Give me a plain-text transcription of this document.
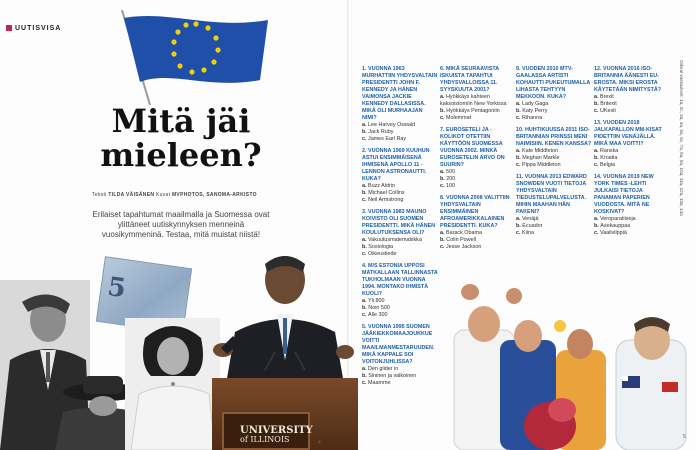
UUTISVISA
Mitä jäi
mieleen?
Teksti TILDA VÄISÄNEN Kuvat MVPHOTOS, SANOMA-ARKISTO
Erilaiset tapahtumat maailmalla ja Suomessa ovat ylittäneet uutiskynnyksen menneinä vuosikymmeninä. Testaa, mitä muistat niistä!
5
UNIVERSITY
of ILLINOIS
1. VUONNA 1963 MURHATTIIN YHDYSVALTAIN PRESIDENTTI JOHN F. KENNEDY JA HÄNEN VAIMONSA JACKIE KENNEDY DALLASISSA. MIKÄ OLI MURHAAJAN NIMI?
a. Lee Harvey Oswald
b. Jack Ruby
c. James Earl Ray
2. VUONNA 1969 KUUHUN ASTUI ENSIMMÄISENÄ IHMISENÄ APOLLO 11 -LENNON ASTRONAUTTI. KUKA?
a. Buzz Aldrin
b. Michael Collins
c. Neil Armstrong
3. VUONNA 1983 MAUNO KOIVISTO OLI SUOMEN PRESIDENTTI. MIKÄ HÄNEN KOULUTUKSENSA OLI?
a. Vakuutusmatematiikka
b. Sosiologia
c. Oikeustiede
4. M/S ESTONIA UPPOSI MATKALLAAN TALLINNASTA TUKHOLMAAN VUONNA 1994. MONTAKO IHMISTÄ KUOLI?
a. Yli 800
b. Noin 500
c. Alle 300
5. VUONNA 1995 SUOMEN JÄÄKIEKKOMAAJOUKKUE VOITTI MAAILMANMESTARUUDEN. MIKÄ KAPPALE SOI VOITONJUHLISSA?
a. Den glider in
b. Sininen ja valkoinen
c. Maamme
6. MIKÄ SEURAAVISTA ISKUISTA TAPAHTUI YHDYSVALLOISSA 11. SYYSKUUTA 2001?
a. Hyökkäys kahteen kaksoistorniin New Yorkissa
b. Hyökkäys Pentagoniin
c. Molemmat
7. EUROSETELI JA -KOLIKOT OTETTIIN KÄYTTÖÖN SUOMESSA VUONNA 2002. MINKÄ EUROSETELIN ARVO ON SUURIN?
a. 500
b. 200
c. 100
8. VUONNA 2008 VALITTIIN YHDYSVALTAIN ENSIMMÄINEN AFROAMERIKKALAINEN PRESIDENTTI. KUKA?
a. Barack Obama
b. Colin Powell
c. Jesse Jackson
9. VUODEN 2010 MTV-GAALASSA ARTISTI KOHAUTTI PUKEUTUMALLA LIHASTA TEHTYYN MEKKOON. KUKA?
a. Lady Gaga
b. Katy Perry
c. Rihanna
10. HUHTIKUUSSA 2011 ISO-BRITANNIAN PRINSSI MENI NAIMISIIN. KENEN KANSSA?
a. Kate Middleton
b. Meghan Markle
c. Pippa Middleton
11. VUONNA 2013 EDWARD SNOWDEN VUOTI TIETOJA YHDYSVALTAIN TIEDUSTELUPALVELUSTA. MIHIN MAAHAN HÄN PAKENI?
a. Venäjä
b. Ecuador
c. Kiina
12. VUONNA 2016 ISO-BRITANNIA ÄÄNESTI EU-EROSTA. MIKSI EROSTA KÄYTETÄÄN NIMITYSTÄ?
a. Brexit
b. Britexit
c. UKexit
13. VUODEN 2018 JALKAPALLON MM-KISAT PIDETTIIN VENÄJÄLLÄ. MIKÄ MAA VOITTI?
a. Ranska
b. Kroatia
c. Belgia
14. VUONNA 2019 NEW YORK TIMES -LEHTI JULKAISI TIETOJA PANAMAN PAPERIEN VUODOSTA. MITÄ NE KOSKIVAT?
a. Veroparatiiseja
b. Asekauppaa
c. Vaalivilppiä
Oikeat vastaukset: 1a, 2c, 3a, 4a, 5a, 6c, 7a, 8a, 9a, 10a, 11a, 12a, 13a, 14a
4
5
